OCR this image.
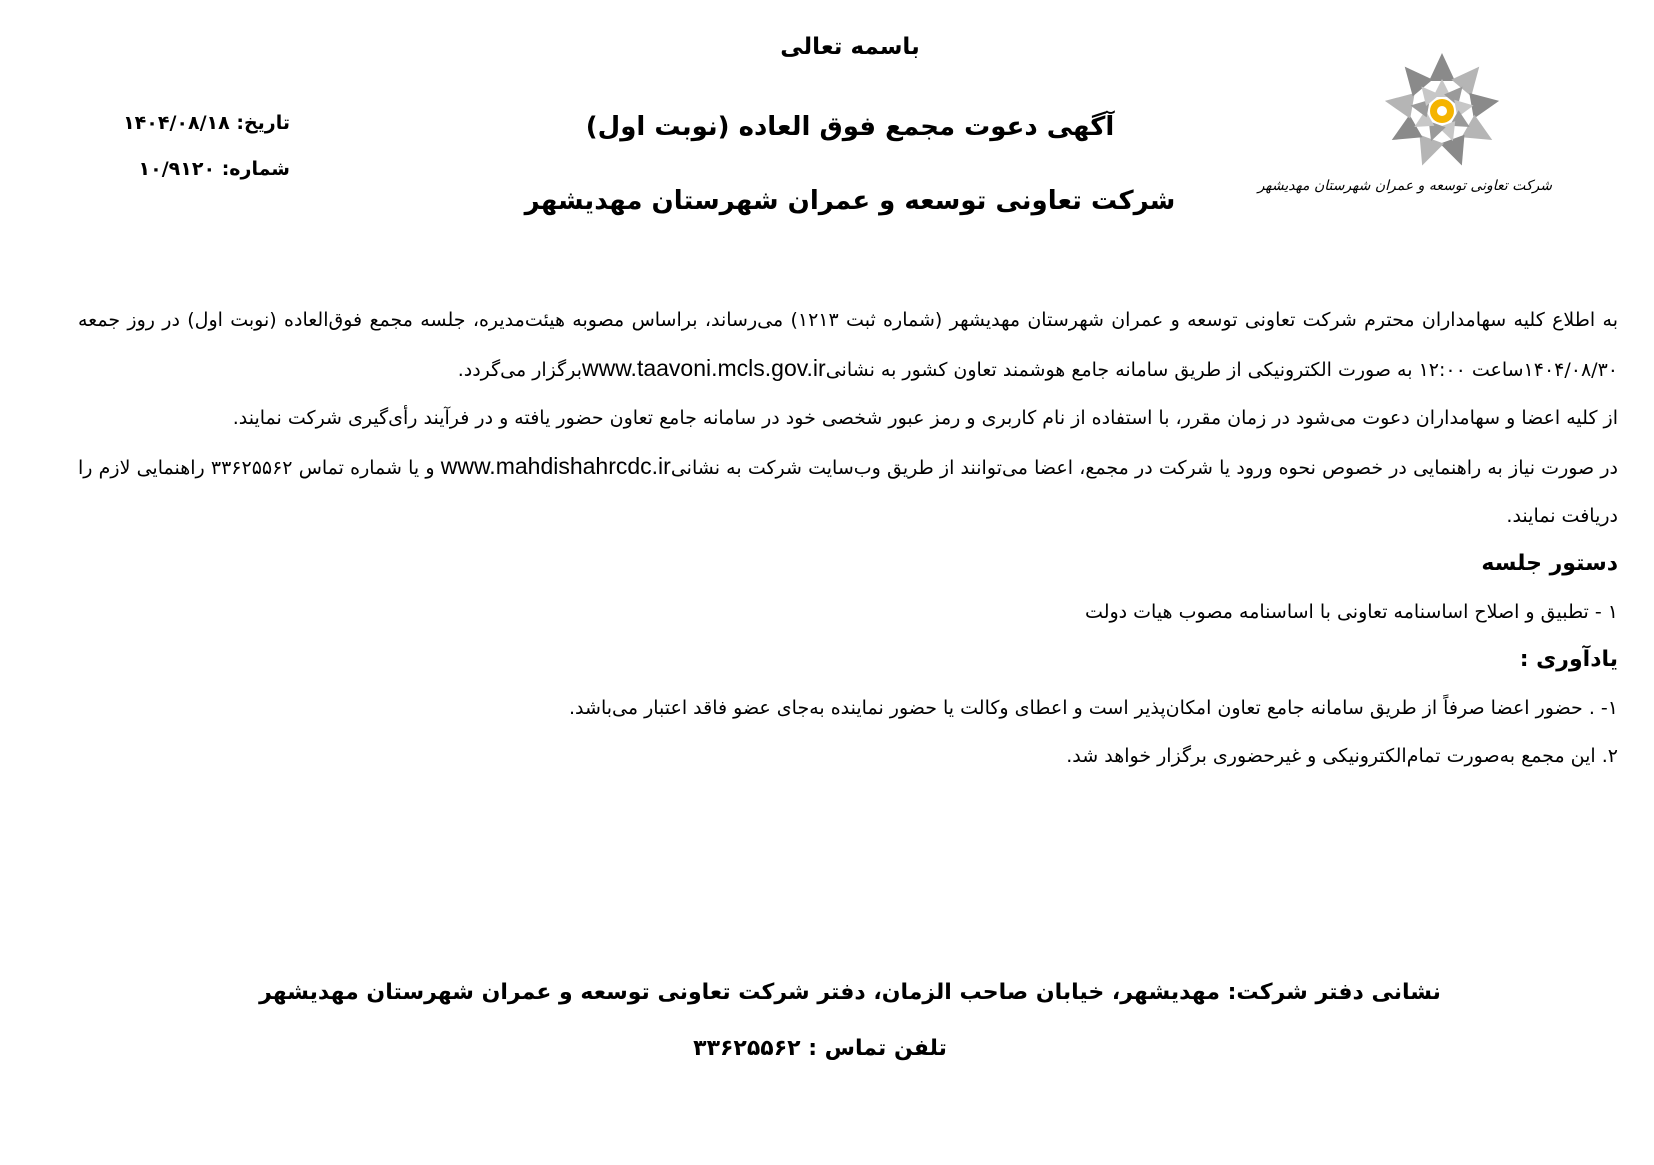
باسمه تعالی
آگهی دعوت مجمع فوق العاده (نوبت اول)
شرکت تعاونی توسعه و عمران شهرستان مهدیشهر
تاریخ: ۱۴۰۴/۰۸/۱۸
شماره: ۱۰/۹۱۲۰
شرکت تعاونی توسعه و عمران شهرستان مهدیشهر

به اطلاع کلیه سهامداران محترم شرکت تعاونی توسعه و عمران شهرستان مهدیشهر (شماره ثبت ۱۲۱۳) می‌رساند، براساس مصوبه هیئت‌مدیره، جلسه مجمع فوق‌العاده (نوبت اول) در روز جمعه ۱۴۰۴/۰۸/۳۰ساعت ۱۲:۰۰ به صورت الکترونیکی از طریق سامانه جامع هوشمند تعاون کشور به نشانیwww.taavoni.mcls.gov.irبرگزار می‌گردد.

از کلیه اعضا و سهامداران دعوت می‌شود در زمان مقرر، با استفاده از نام کاربری و رمز عبور شخصی خود در سامانه جامع تعاون حضور یافته و در فرآیند رأی‌گیری شرکت نمایند.

در صورت نیاز به راهنمایی در خصوص نحوه ورود یا شرکت در مجمع، اعضا می‌توانند از طریق وب‌سایت شرکت به نشانیwww.mahdishahrcdc.ir و یا شماره تماس ۳۳۶۲۵۵۶۲ راهنمایی لازم را دریافت نمایند.

دستور جلسه

۱ - تطبیق و اصلاح اساسنامه تعاونی با اساسنامه مصوب هیات دولت

یادآوری :

۱- . حضور اعضا صرفاً از طریق سامانه جامع تعاون امکان‌پذیر است و اعطای وکالت یا حضور نماینده به‌جای عضو فاقد اعتبار می‌باشد.

۲. این مجمع به‌صورت تمام‌الکترونیکی و غیرحضوری برگزار خواهد شد.

نشانی دفتر شرکت: مهدیشهر، خیابان صاحب الزمان، دفتر شرکت تعاونی توسعه و عمران شهرستان مهدیشهر
تلفن تماس : ۳۳۶۲۵۵۶۲
